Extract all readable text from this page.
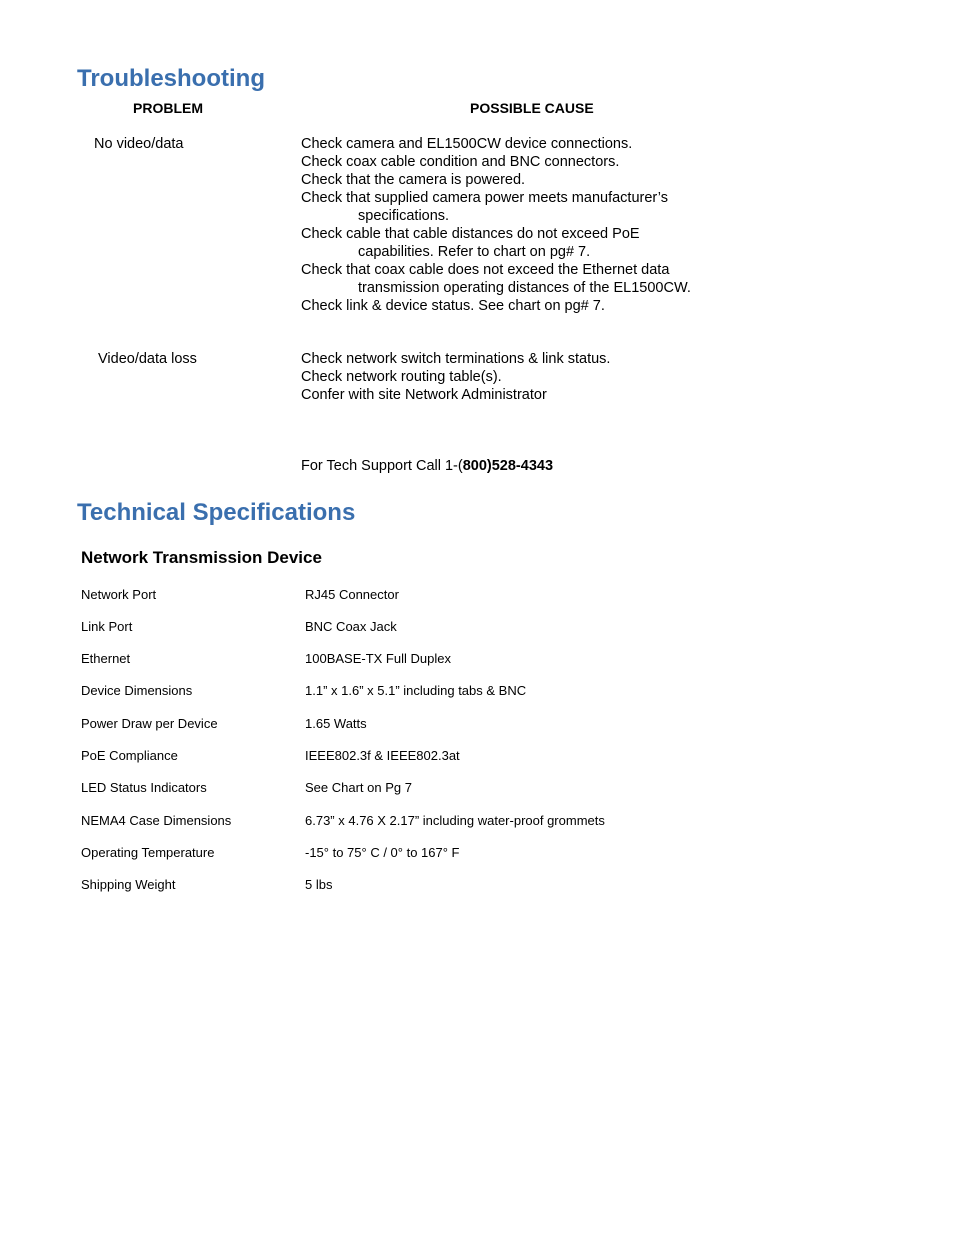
Troubleshooting
PROBLEM	POSSIBLE CAUSE
No video/data	Check camera and EL1500CW device connections.
Check coax cable condition and BNC connectors.
Check that the camera is powered.
Check that supplied camera power meets manufacturer’s
specifications.
Check cable that cable distances do not exceed PoE
capabilities. Refer to chart on pg# 7.
Check that coax cable does not exceed the Ethernet data
transmission operating distances of the EL1500CW.
Check link & device status. See chart on pg# 7.
Video/data loss	Check network switch terminations & link status.
Check network routing table(s).
Confer with site Network Administrator
For Tech Support Call 1-(800)528-4343
Technical Specifications
Network Transmission Device
Network Port	RJ45 Connector
Link Port	BNC Coax Jack
Ethernet	100BASE-TX Full Duplex
Device Dimensions	1.1” x 1.6” x 5.1” including tabs & BNC
Power Draw per Device	1.65 Watts
PoE Compliance	IEEE802.3f & IEEE802.3at
LED Status Indicators	See Chart on Pg 7
NEMA4 Case Dimensions	6.73” x 4.76 X 2.17” including water-proof grommets
Operating Temperature	-15° to 75° C / 0° to 167° F
Shipping Weight	5 lbs
